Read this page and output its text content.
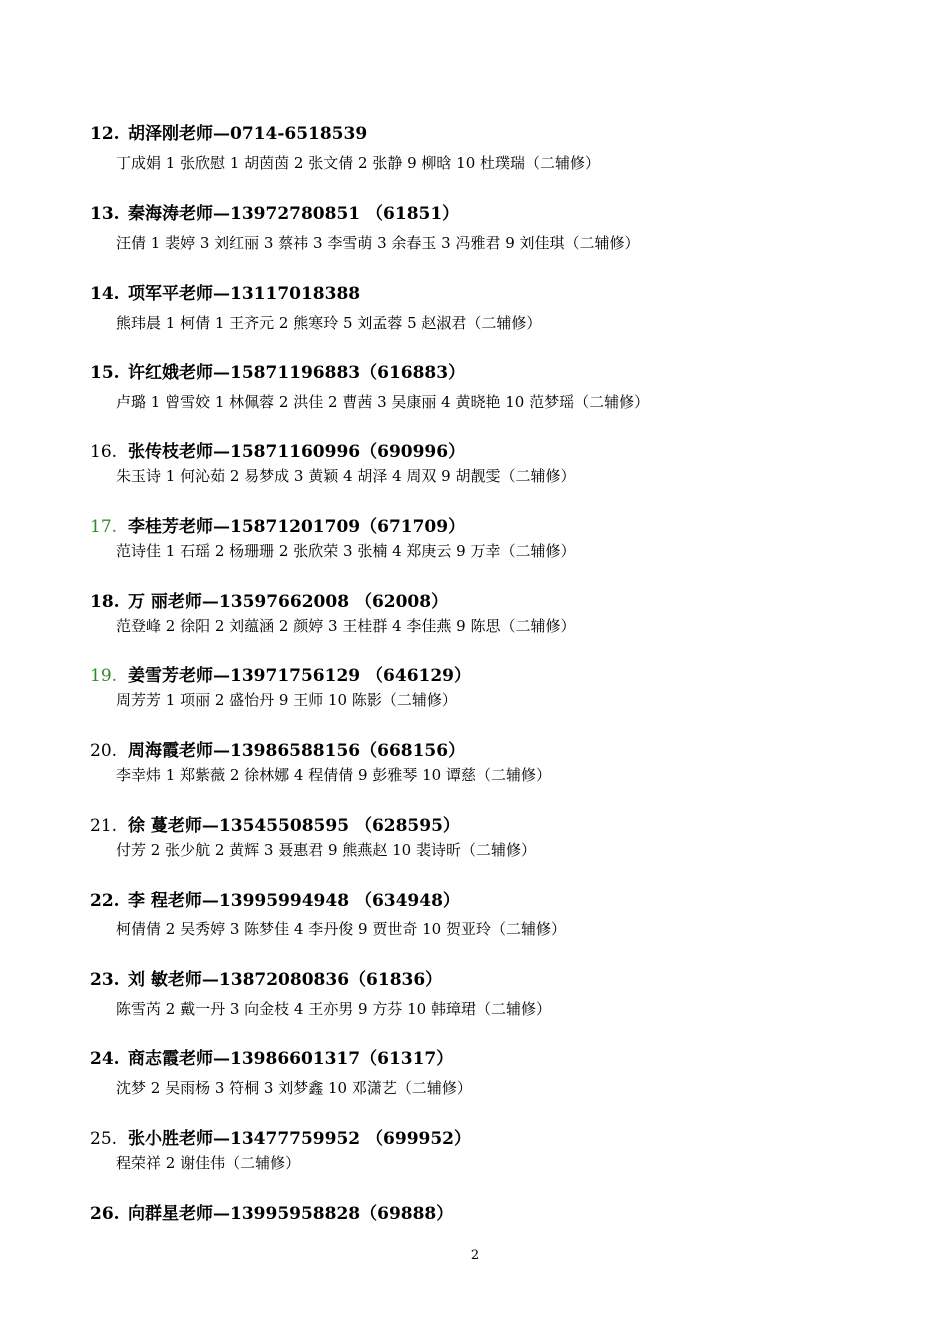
12. 胡泽刚老师—0714-6518539
丁成娟 1 张欣慰 1 胡茵茵 2 张文倩 2 张静 9 柳晗 10 杜璞瑞（二辅修）
13. 秦海涛老师—13972780851 （61851）
汪倩 1 裴婷 3 刘红丽 3 蔡祎 3 李雪萌 3 余春玉 3 冯雅君 9 刘佳琪（二辅修）
14. 项军平老师—13117018388
熊玮晨 1 柯倩 1 王齐元 2 熊寒玲 5 刘孟蓉 5 赵淑君（二辅修）
15. 许红娥老师—15871196883（616883）
卢璐 1 曾雪姣 1 林佩蓉 2 洪佳 2 曹茜 3 吴康丽 4 黄晓艳 10 范梦瑶（二辅修）
16. 张传枝老师—15871160996（690996）
朱玉诗 1 何沁茹 2 易梦成 3 黄颖 4 胡泽 4 周双 9 胡靓雯（二辅修）
17. 李桂芳老师—15871201709（671709）
范诗佳 1 石瑶 2 杨珊珊 2 张欣荣 3 张楠 4 郑庚云 9 万幸（二辅修）
18. 万 丽老师—13597662008 （62008）
范登峰 2 徐阳 2 刘蕴涵 2 颜婷 3 王桂群 4 李佳燕 9 陈思（二辅修）
19. 姜雪芳老师—13971756129 （646129）
周芳芳 1 项丽 2 盛怡丹 9 王师 10 陈影（二辅修）
20. 周海霞老师—13986588156（668156）
李幸炜 1 郑紫薇 2 徐林娜 4 程倩倩 9 彭雅琴 10 谭慈（二辅修）
21. 徐 蔓老师—13545508595 （628595）
付芳 2 张少航 2 黄辉 3 聂惠君 9 熊燕赵 10 裴诗昕（二辅修）
22. 李 程老师—13995994948 （634948）
柯倩倩 2 吴秀婷 3 陈梦佳 4 李丹俊 9 贾世奇 10 贺亚玲（二辅修）
23. 刘 敏老师—13872080836（61836）
陈雪芮 2 戴一丹 3 向金枝 4 王亦男 9 方芬 10 韩璋珺（二辅修）
24. 商志霞老师—13986601317（61317）
沈梦 2 吴雨杨 3 符桐 3 刘梦鑫 10 邓潇艺（二辅修）
25. 张小胜老师—13477759952 （699952）
程荣祥 2 谢佳伟（二辅修）
26. 向群星老师—13995958828（69888）
2
